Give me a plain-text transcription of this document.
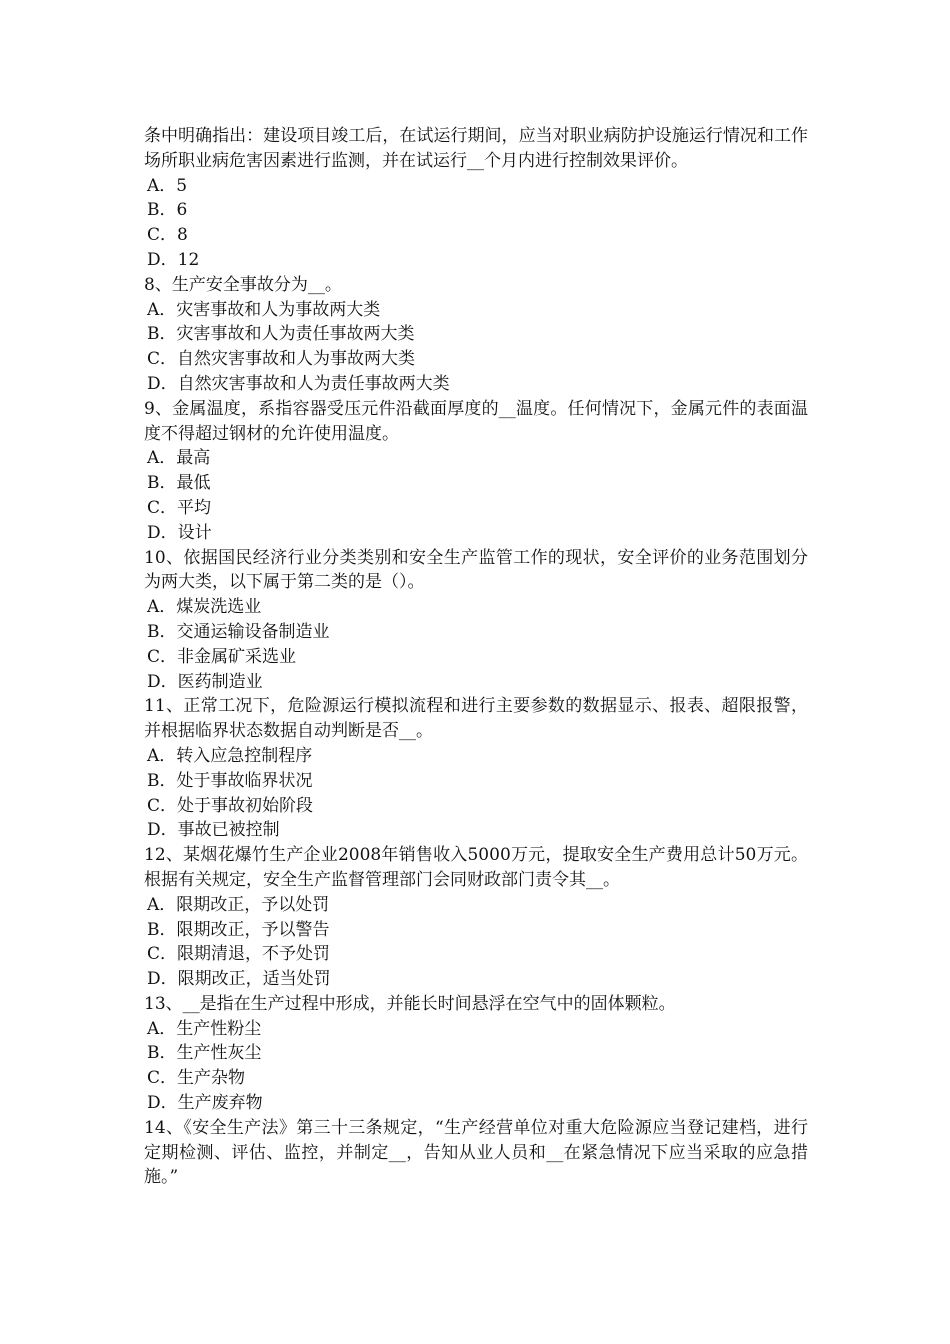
条中明确指出：建设项目竣工后，在试运行期间，应当对职业病防护设施运行情况和工作场所职业病危害因素进行监测，并在试运行__个月内进行控制效果评价。

A．5

B．6

C．8

D．12

8、生产安全事故分为__。

A．灾害事故和人为事故两大类

B．灾害事故和人为责任事故两大类

C．自然灾害事故和人为事故两大类

D．自然灾害事故和人为责任事故两大类

9、金属温度，系指容器受压元件沿截面厚度的__温度。任何情况下，金属元件的表面温度不得超过钢材的允许使用温度。

A．最高

B．最低

C．平均

D．设计

10、依据国民经济行业分类类别和安全生产监管工作的现状，安全评价的业务范围划分为两大类，以下属于第二类的是（）。

A．煤炭洗选业

B．交通运输设备制造业

C．非金属矿采选业

D．医药制造业

11、正常工况下，危险源运行模拟流程和进行主要参数的数据显示、报表、超限报警，并根据临界状态数据自动判断是否__。

A．转入应急控制程序

B．处于事故临界状况

C．处于事故初始阶段

D．事故已被控制

12、某烟花爆竹生产企业2008年销售收入5000万元，提取安全生产费用总计50万元。根据有关规定，安全生产监督管理部门会同财政部门责令其__。

A．限期改正，予以处罚

B．限期改正，予以警告

C．限期清退，不予处罚

D．限期改正，适当处罚

13、__是指在生产过程中形成，并能长时间悬浮在空气中的固体颗粒。

A．生产性粉尘

B．生产性灰尘

C．生产杂物

D．生产废弃物

14、《安全生产法》第三十三条规定，“生产经营单位对重大危险源应当登记建档，进行定期检测、评估、监控，并制定__，告知从业人员和__在紧急情况下应当采取的应急措施。”
